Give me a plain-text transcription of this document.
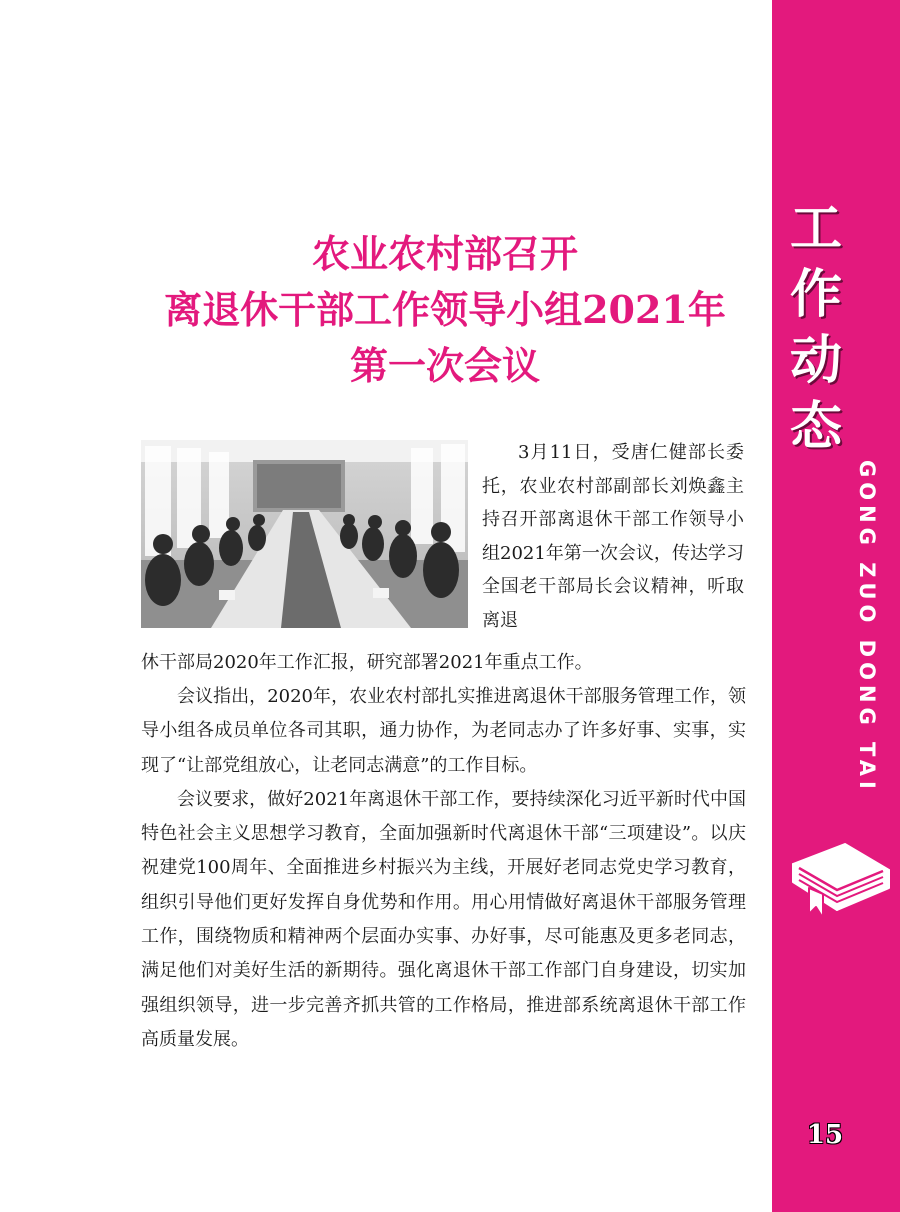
工
作
动
态
GONG ZUO DONG TAI
15
农业农村部召开
离退休干部工作领导小组2021年
第一次会议
3月11日，受唐仁健部长委托，农业农村部副部长刘焕鑫主持召开部离退休干部工作领导小组2021年第一次会议，传达学习全国老干部局长会议精神，听取离退
休干部局2020年工作汇报，研究部署2021年重点工作。

会议指出，2020年，农业农村部扎实推进离退休干部服务管理工作，领导小组各成员单位各司其职，通力协作，为老同志办了许多好事、实事，实现了“让部党组放心，让老同志满意”的工作目标。

会议要求，做好2021年离退休干部工作，要持续深化习近平新时代中国特色社会主义思想学习教育，全面加强新时代离退休干部“三项建设”。以庆祝建党100周年、全面推进乡村振兴为主线，开展好老同志党史学习教育，组织引导他们更好发挥自身优势和作用。用心用情做好离退休干部服务管理工作，围绕物质和精神两个层面办实事、办好事，尽可能惠及更多老同志，满足他们对美好生活的新期待。强化离退休干部工作部门自身建设，切实加强组织领导，进一步完善齐抓共管的工作格局，推进部系统离退休干部工作高质量发展。
